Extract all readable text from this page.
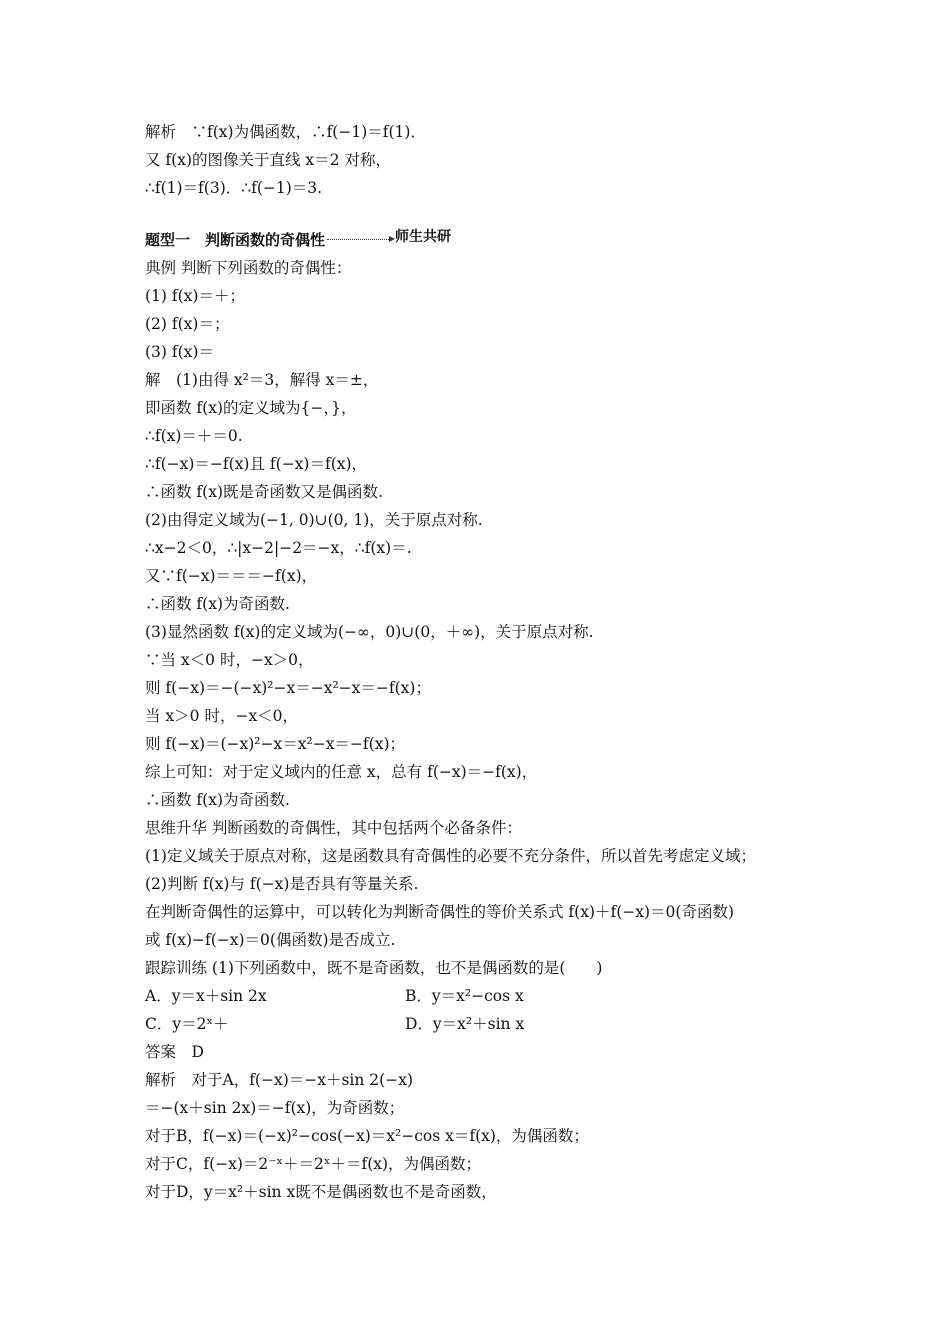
解析　∵f(x)为偶函数，∴f(−1)＝f(1)．
又 f(x)的图像关于直线 x＝2 对称，
∴f(1)＝f(3)．∴f(−1)＝3.
题型一　判断函数的奇偶性	师生共研
典例 判断下列函数的奇偶性：
(1) f(x)＝＋；
(2) f(x)＝；
(3) f(x)＝
解　(1)由得 x²＝3，解得 x＝±，
即函数 f(x)的定义域为{−，}，
∴f(x)＝＋＝0.
∴f(−x)＝−f(x)且 f(−x)＝f(x)，
∴函数 f(x)既是奇函数又是偶函数.
(2)由得定义域为(−1, 0)∪(0, 1)，关于原点对称.
∴x−2＜0，∴|x−2|−2＝−x，∴f(x)＝.
又∵f(−x)＝＝＝−f(x)，
∴函数 f(x)为奇函数.
(3)显然函数 f(x)的定义域为(−∞，0)∪(0，＋∞)，关于原点对称.
∵当 x＜0 时，−x＞0，
则 f(−x)＝−(−x)²−x＝−x²−x＝−f(x)；
当 x＞0 时，−x＜0，
则 f(−x)＝(−x)²−x＝x²−x＝−f(x)；
综上可知：对于定义域内的任意 x，总有 f(−x)＝−f(x)，
∴函数 f(x)为奇函数.
思维升华 判断函数的奇偶性，其中包括两个必备条件：
(1)定义域关于原点对称，这是函数具有奇偶性的必要不充分条件，所以首先考虑定义域；
(2)判断 f(x)与 f(−x)是否具有等量关系.
在判断奇偶性的运算中，可以转化为判断奇偶性的等价关系式 f(x)＋f(−x)＝0(奇函数)
或 f(x)−f(−x)＝0(偶函数)是否成立.
跟踪训练 (1)下列函数中，既不是奇函数，也不是偶函数的是(　　)
A．y＝x＋sin 2x	B．y＝x²−cos x
C．y＝2ˣ＋	D．y＝x²＋sin x
答案　D
解析　对于A，f(−x)＝−x＋sin 2(−x)
＝−(x＋sin 2x)＝−f(x)，为奇函数；
对于B，f(−x)＝(−x)²−cos(−x)＝x²−cos x＝f(x)，为偶函数；
对于C，f(−x)＝2⁻ˣ＋＝2ˣ＋＝f(x)，为偶函数；
对于D，y＝x²＋sin x既不是偶函数也不是奇函数，
